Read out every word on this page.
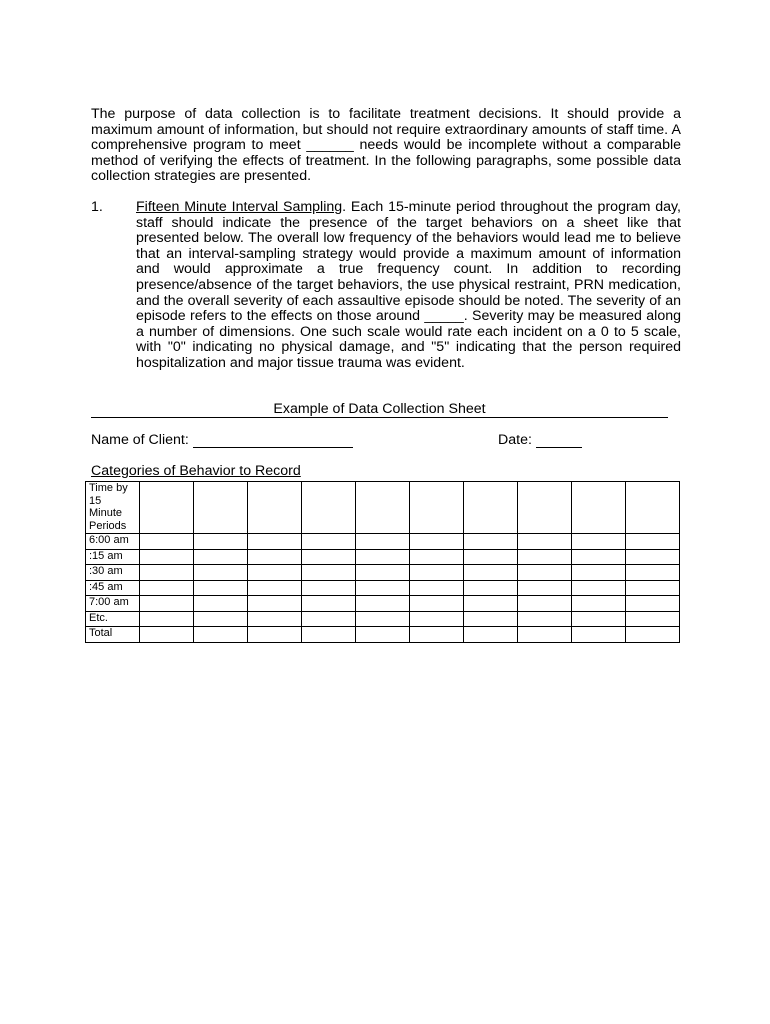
The purpose of data collection is to facilitate treatment decisions. It should provide a maximum amount of information, but should not require extraordinary amounts of staff time. A comprehensive program to meet ______ needs would be incomplete without a comparable method of verifying the effects of treatment. In the following paragraphs, some possible data collection strategies are presented.

1. Fifteen Minute Interval Sampling. Each 15-minute period throughout the program day, staff should indicate the presence of the target behaviors on a sheet like that presented below. The overall low frequency of the behaviors would lead me to believe that an interval-sampling strategy would provide a maximum amount of information and would approximate a true frequency count. In addition to recording presence/absence of the target behaviors, the use physical restraint, PRN medication, and the overall severity of each assaultive episode should be noted. The severity of an episode refers to the effects on those around _____. Severity may be measured along a number of dimensions. One such scale would rate each incident on a 0 to 5 scale, with "0" indicating no physical damage, and "5" indicating that the person required hospitalization and major tissue trauma was evident.

Example of Data Collection Sheet
Name of Client:	Date:
Categories of Behavior to Record
Time by 15 Minute Periods										
6:00 am										
:15 am										
:30 am										
:45 am										
7:00 am										
Etc.										
Total										
